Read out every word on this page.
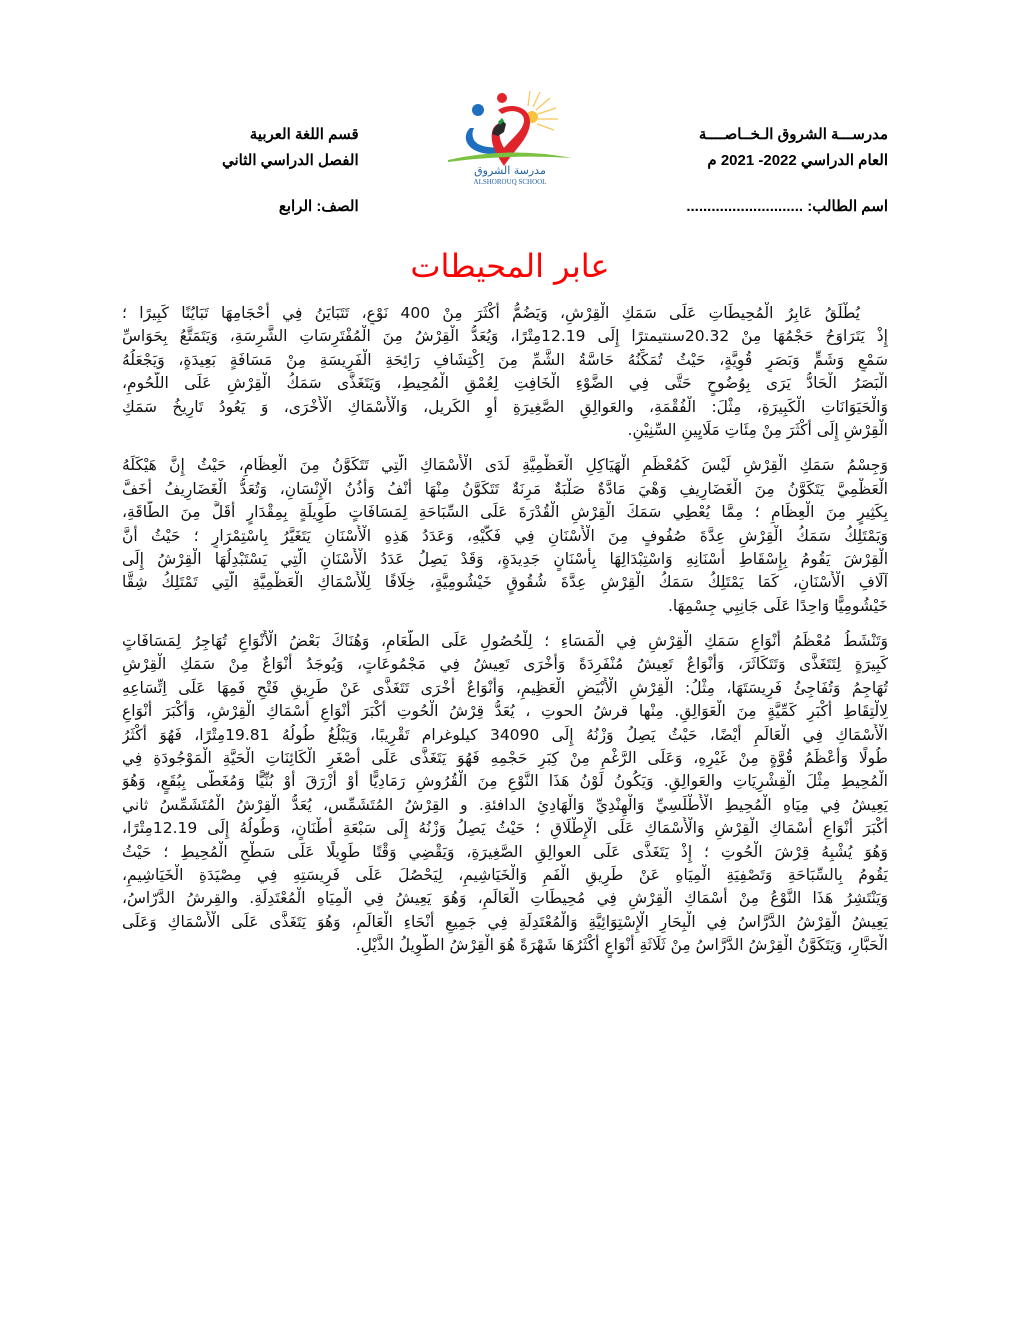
مدرســـة الشروق الـخــاصــــة
العام الدراسي 2022- 2021 م
اسم الطالب: ............................
مدرسة الشروق
ALSHOROUQ SCHOOL
قسم اللغة العربية
الفصل الدراسي الثاني
الصف: الرابع
عابر المحيطات
يُطْلَقُ عَابِرُ الْمُحِيطَاتِ عَلَى سَمَكِ الْقِرْشِ، وَيَضُمُّ أَكْثَرَ مِنْ 400 نَوْعٍ، تَتَبَايَنُ فِي أَحْجَامِهَا تَبَايُنًا كَبِيرًا ؛
إِذْ يَتَرَاوَحُ حَجْمُهَا مِنْ 20.32سنتيمترًا إِلَى 12.19مِتْرًا، وَيُعَدُّ الْقِرْشُ مِنَ الْمُفْتَرِسَاتِ الشَّرِسَةِ، وَيَتَمَتَّعُ بِحَوَاسِّ
سَمْعٍ وَشَمٍّ وَبَصَرٍ قُوِيَّةٍ، حَيْثُ تُمَكِّنُهُ حَاسَّةُ الشَّمِّ مِنَ اِكْتِشَافِ رَائِحَةِ الْفَرِيسَةِ مِنْ مَسَافَةٍ بَعِيدَةٍ، وَيَجْعَلُهُ
الْبَصَرُ الْحَادُّ يَرَى بِوُضُوحٍ حَتَّى فِي الضَّوْءِ الْخَافِتِ لِعُمْقِ الْمُحِيطِ، وَيَتَغَذَّى سَمَكُ الْقِرْشِ عَلَى اللُّحُومِ،
وَالْحَيَوَانَاتِ الْكَبِيرَةِ، مِثْلَ: الْفُقْمَةِ، والعَوالِقِ الصَّغِيرَةِ أَوِ الكَريل، وَالْأَسْمَاكِ الْأُخْرَى، وَ يَعُودُ تَارِيخُ سَمَكِ
الْقِرْشِ إِلَى أَكْثَرَ مِنْ مِئَاتِ مَلَايِينِ السِّنِيْنِ.
وَجِسْمُ سَمَكِ الْقِرْشِ لَيْسَ كَمُعْظَمِ الْهَيَاكِلِ الْعَظْمِيَّةِ لَدَى الْأَسْمَاكِ الَّتِي تَتَكَوَّنُ مِنَ الْعِظَامِ، حَيْثُ إِنَّ هَيْكَلَهُ
الْعَظْمِيَّ يَتَكَوَّنُ مِنَ الْغَضَارِيفِ وَهْيَ مَادَّةٌ صَلْبَةٌ مَرِنَةٌ تَتَكَوَّنُ مِنْهَا أَنْفُ وَأُذُنُ الْإِنْسَانِ، وَتُعَدُّ الْغَضَارِيفُ أَخَفَّ
بِكَثِيرٍ مِنَ الْعِظَامِ ؛ مِمَّا يُعْطِي سَمَكَ الْقِرْشِ الْقُدْرَةَ عَلَى السِّبَاحَةِ لِمَسَافَاتٍ طَوِيلَةٍ بِمِقْدَارٍ أَقَلَّ مِنَ الطَّاقَةِ،
وَيَمْتَلِكُ سَمَكُ الْقِرْشِ عِدَّةَ صُفُوفٍ مِنَ الْأَسْنَانِ فِي فَكَّيْهِ، وَعَدَدُ هَذِهِ الْأَسْنَانِ يَتَغَيَّرُ بِاسْتِمْرَارٍ ؛ حَيْثُ أَنَّ
الْقِرْشَ يَقُومُ بِإِسْقَاطِ أَسْنَانِهِ وَاسْتِبْدَالِهَا بِأَسْنَانٍ جَدِيدَةٍ، وَقَدْ يَصِلُ عَدَدُ الْأَسْنَانِ الَّتِي يَسْتَبْدِلُهَا الْقِرْشُ إِلَى
آلَافِ الْأَسْنَانِ، كَمَا يَمْتَلِكُ سَمَكُ الْقِرْشِ عِدَّةَ شُقُوقٍ خَيْشُومِيَّةٍ، خِلَافًا لِلْأَسْمَاكِ الْعَظْمِيَّةِ الَّتِي تَمْتَلِكُ شِقًّا
خَيْشُومِيًّا وَاحِدًا عَلَى جَانِبِي جِسْمِهَا.
وَتَنْشَطُ مُعْظَمُ أَنْوَاعِ سَمَكِ الْقِرْشِ فِي الْمَسَاءِ ؛ لِلْحُصُولِ عَلَى الطَّعَامِ، وَهُنَاكَ بَعْضُ الْأَنْوَاعِ تُهَاجِرُ لِمَسَافَاتٍ
كَبِيرَةٍ لِتَتَغَذَّى وَتَتَكَاثَرَ، وَأَنْوَاعٌ تَعِيشُ مُنْفَرِدَةً وَأُخْرَى تَعِيشُ فِي مَجْمُوعَاتٍ، وَيُوجَدُ أَنْوَاعٌ مِنْ سَمَكِ الْقِرْشِ
تُهَاجِمُ وَتُفَاجِئُ فَرِيسَتَهَا، مِثْلُ: الْقِرْشِ الْأَبْيَضِ الْعَظِيمِ، وَأَنْوَاعٌ أُخْرَى تَتَغَذَّى عَنْ طَرِيقِ فَتْحِ فَمِهَا عَلَى اِتِّسَاعِهِ
لِالْتِقَاطِ أَكْبَرِ كَمِّيَّةٍ مِنَ الْعَوَالِقِ. مِنْها قرشُ الحوتِ ، يُعَدُّ قِرْشُ الْحُوتِ أَكْبَرَ أَنْوَاعِ أَسْمَاكِ الْقِرْشِ، وَأَكْبَرَ أَنْوَاعِ
الْأَسْمَاكِ فِي الْعَالَمِ أَيْضًا، حَيْثُ يَصِلُ وَزْنُهُ إِلَى 34090 كيلوغرام تَقْرِيبًا، وَيَبْلُغُ طُولُهُ 19.81مِتْرًا، فَهُوَ أَكْثَرُ
طُولًا وَأَعْظَمُ قُوَّةٍ مِنْ غَيْرِهِ، وَعَلَى الرَّغْمِ مِنْ كِبَرِ حَجْمِهِ فَهُوَ يَتَغَذَّى عَلَى أَصْغَرِ الْكَائِنَاتِ الْحَيَّةِ الْمَوْجُودَةِ فِي
الْمُحِيطِ مِثْلَ الْقِشْرِيَاتِ والعَوالِقِ. وَيَكُونُ لَوْنُ هَذَا النَّوْعِ مِنَ الْقُرُوشِ رَمَادِيًّا أَوْ أَزْرَقَ أَوْ بُنِّيًّا وَمُغَطًّى بِبُقَعٍ، وَهُوَ
يَعِيشُ فِي مِيَاهِ الْمُحِيطِ الْأَطْلَسِيِّ وَالْهِنْدِيِّ وَالْهَادِئِ الدافئةِ. و القِرْشُ المُتَشَمِّس، يُعَدُّ الْقِرْشُ الْمُتَشَمِّسُ ثاني
أَكْبَرَ أَنْوَاعِ أَسْمَاكِ الْقِرْشِ وَالْأَسْمَاكِ عَلَى الْإِطْلَاقِ ؛ حَيْثُ يَصِلُ وَزْنُهُ إِلَى سَبْعَةِ أَطْنَانٍ، وَطُولُهُ إِلَى 12.19مِتْرًا،
وَهُوَ يُشْبِهُ قِرْشَ الْحُوتِ ؛ إِذْ يَتَغَذَّى عَلَى العوالِقِ الصَّغِيرَةِ، وَيَقْضِي وَقْتًا طَوِيلًا عَلَى سَطْحِ الْمُحِيطِ ؛ حَيْثُ
يَقُومُ بِالسِّبَاحَةِ وَتَصْفِيَةِ الْمِيَاهِ عَنْ طَرِيقِ الْفَمِ وَالْخَيَاشِيمِ، لِيَحْصُلَ عَلَى فَرِيسَتِهِ فِي مِصْيَدَةِ الْخَيَاشِيمِ،
وَيَنْتَشِرُ هَذَا النَّوْعُ مِنْ أَسْمَاكِ الْقِرْشِ فِي مُحِيطَاتِ الْعَالَمِ، وَهُوَ يَعِيشُ فِي الْمِيَاهِ الْمُعْتَدِلَةِ. والقِرشُ الدَّرّاسُ،
يَعِيشُ الْقِرْشُ الدَّرَّاسُ فِي الْبِحَارِ الْإِسْتِوَائِيَّةِ وَالْمُعْتَدِلَةِ فِي جَمِيعِ أَنْحَاءِ الْعَالَمِ، وَهُوَ يَتَغَذَّى عَلَى الْأَسْمَاكِ وَعَلَى
الْحَبَّارِ، وَيَتَكَوَّنُ الْقِرْشُ الدَّرَّاسُ مِنْ ثَلَاثَةِ أَنْوَاعٍ أَكْثَرُهَا شَهْرَةً هُوَ الْقِرْشُ الطَّوِيلُ الذَّيْلِ.
